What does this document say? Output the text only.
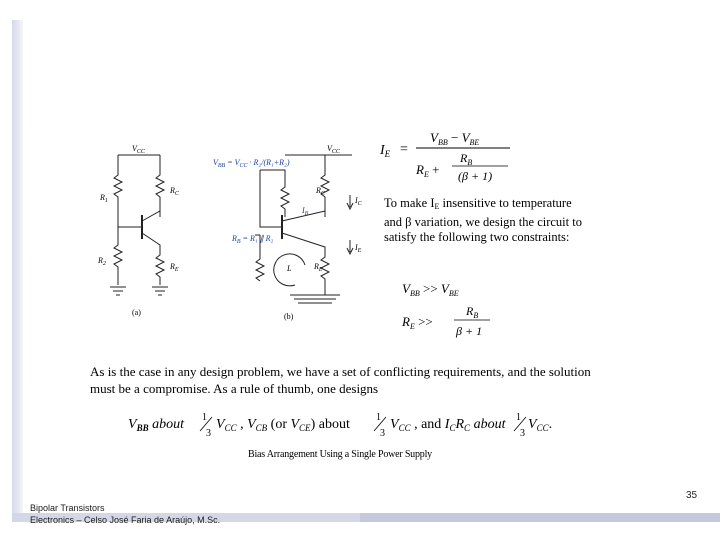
$V_{CC}$
$R_1$
$R_2$
$R_C$
$R_E$
(a)
$V_{BB} = V_{CC} \cdot R_2/(R_1+R_2)$
$V_{CC}$
$R_C$
$I_B$
$I_C$
$I_E$
$R_B = R_1$ ∥ R₂
$R_E$
L
(b)
$I_E$ =
$V_{BB} - V_{BE}$
$R_E$ +
$R_B$
(β + 1)
To make $I_E$ insensitive to temperature and β variation, we design the circuit to satisfy the following two constraints:
$V_{BB} >> V_{BE}$
$R_E$ >>
$R_B$
β + 1
As is the case in any design problem, we have a set of conflicting requirements, and the solution must be a compromise. As a rule of thumb, one designs
$V_{BB}$ about 1
3
$V_{CC}$ , $V_{CB}$ (or $V_{CE}$) about	1
3
$V_{CC}$ , and $I_CR_C$ about 1
3
$V_{CC}$.
Bias Arrangement Using a Single Power Supply
35
Bipolar Transistors
Electronics – Celso José Faria de Araújo, M.Sc.
